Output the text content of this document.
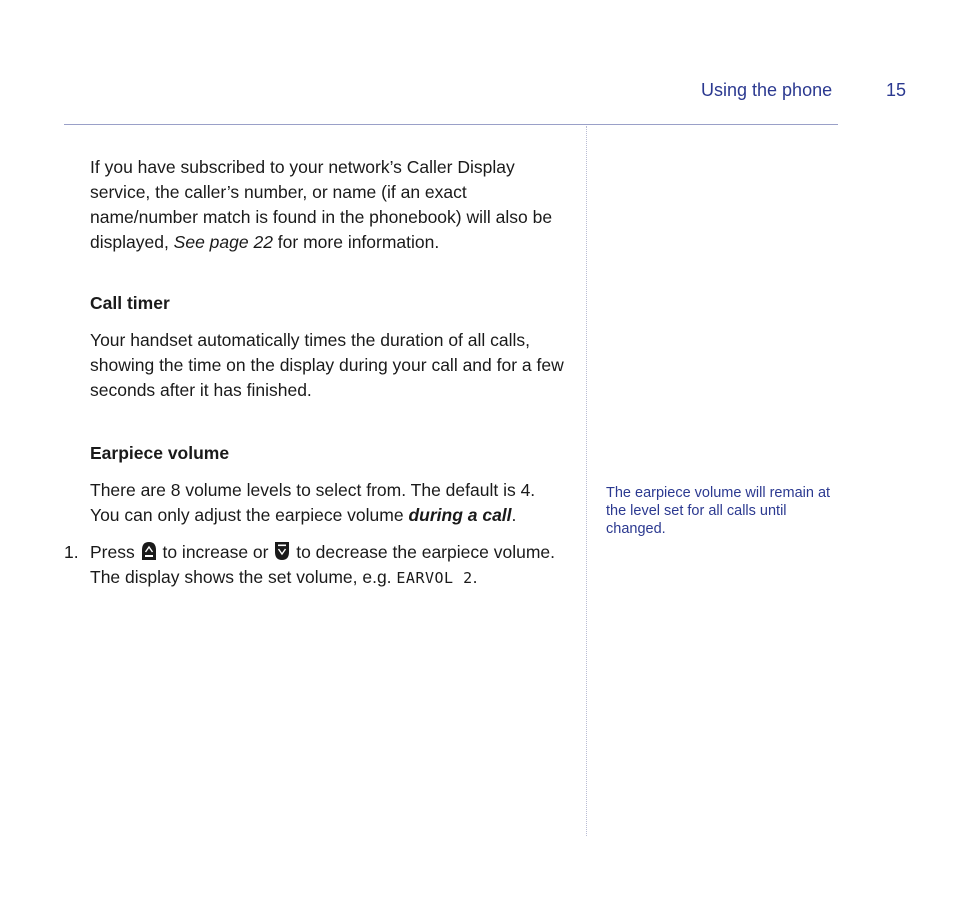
Using the phone	15

If you have subscribed to your network’s Caller Display service, the caller’s number, or name (if an exact name/number match is found in the phonebook) will also be displayed, See page 22 for more information.

Call timer

Your handset automatically times the duration of all calls, showing the time on the display during your call and for a few seconds after it has finished.

Earpiece volume

There are 8 volume levels to select from. The default is 4. You can only adjust the earpiece volume during a call.

1. Press  to increase or  to decrease the earpiece volume. The display shows the set volume, e.g. EARVOL 2.
The earpiece volume will remain at the level set for all calls until changed.
